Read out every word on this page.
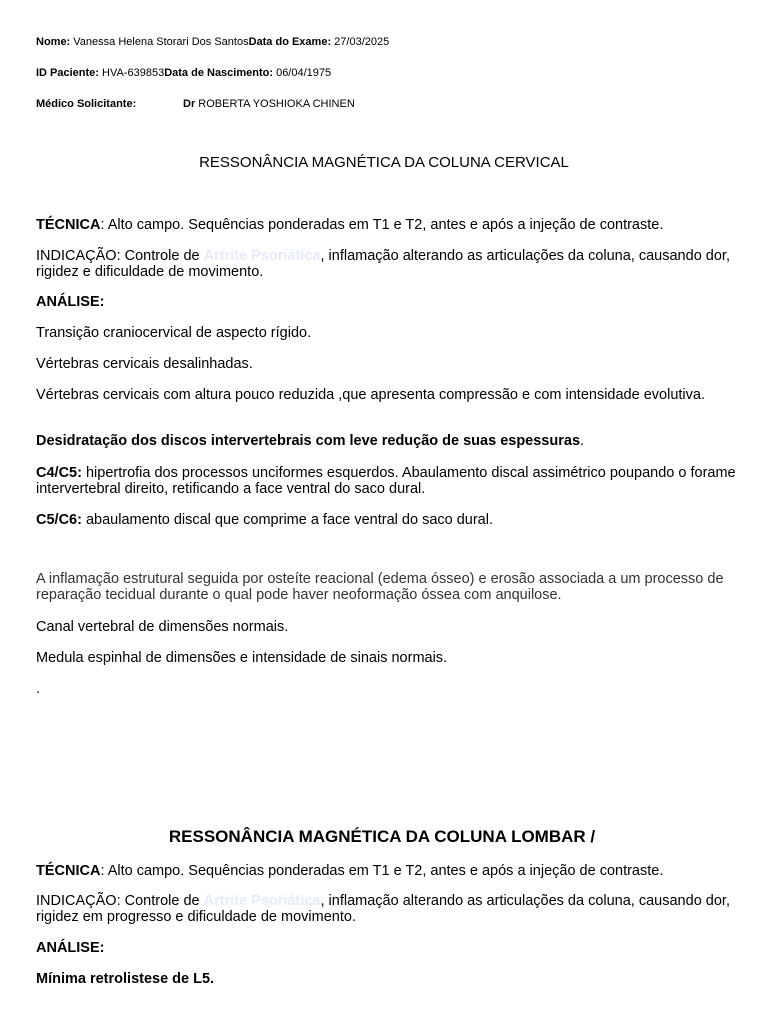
Nome: Vanessa Helena Storari Dos SantosData do Exame: 27/03/2025
ID Paciente: HVA-639853Data de Nascimento: 06/04/1975
Médico Solicitante:	Dr ROBERTA YOSHIOKA CHINEN
RESSONÂNCIA MAGNÉTICA DA COLUNA CERVICAL
TÉCNICA: Alto campo. Sequências ponderadas em T1 e T2, antes e após a injeção de contraste.
INDICAÇÃO: Controle de Artrite Psoriática, inflamação alterando as articulações da coluna, causando dor, rigidez e dificuldade de movimento.
ANÁLISE:
Transição craniocervical de aspecto rígido.
Vértebras cervicais desalinhadas.
Vértebras cervicais com altura pouco reduzida ,que apresenta compressão e com intensidade evolutiva.
Desidratação dos discos intervertebrais com leve redução de suas espessuras.
C4/C5: hipertrofia dos processos unciformes esquerdos. Abaulamento discal assimétrico poupando o forame intervertebral direito, retificando a face ventral do saco dural.
C5/C6: abaulamento discal que comprime a face ventral do saco dural.
A inflamação estrutural seguida por osteíte reacional (edema ósseo) e erosão associada a um processo de reparação tecidual durante o qual pode haver neoformação óssea com anquilose.
Canal vertebral de dimensões normais.
Medula espinhal de dimensões e intensidade de sinais normais.
.
RESSONÂNCIA MAGNÉTICA DA COLUNA LOMBAR /
TÉCNICA: Alto campo. Sequências ponderadas em T1 e T2, antes e após a injeção de contraste.
INDICAÇÃO: Controle de Artrite Psoriática, inflamação alterando as articulações da coluna, causando dor, rigidez em progresso e dificuldade de movimento.
ANÁLISE:
Mínima retrolistese de L5.
